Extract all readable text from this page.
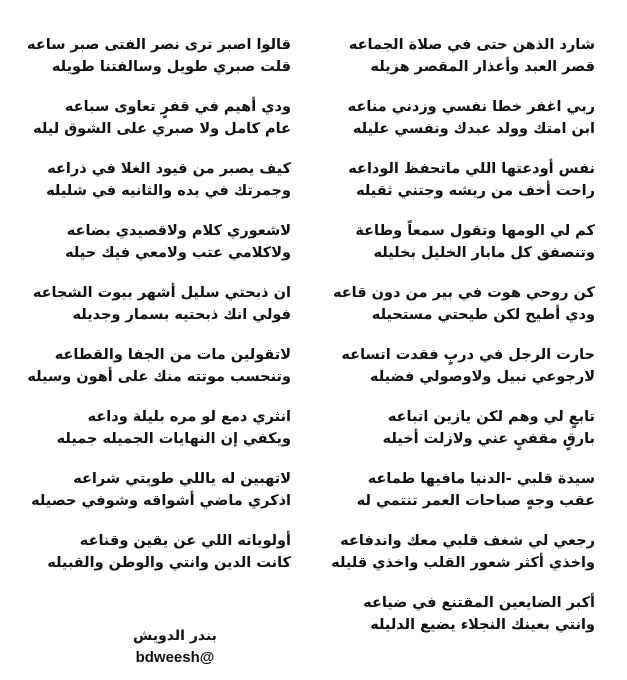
شارد الذهن حتى في صلاة الجماعه
قصر العبد وأعذار المقصر هزيله
ربي اغفر خطا نفسي وزدني مناعه
ابن امتك وولد عبدك ونفسي عليله
نفس أودعتها اللي ماتحفظ الوداعه
راحت أخف من ريشه وجتني ثقيله
كم لي الومها وتقول سمعاً وطاعة
وتنصفق كل مابار الخليل بخليله
كن روحي هوت في بير من دون قاعه
ودي أطيح لكن طيحتي مستحيله
حارت الرجل في دربٍ فقدت اتساعه
لارجوعي نبيل ولاوصولي فضيله
تابعٍ لي وهم لكن يازين اتباعه
بارقٍ مقفيٍ عني ولازلت أخيله
سيدة قلبي -الدنيا مافيها طماعه
عقب وجهٍ صباحات العمر تنتمي له
رجعي لي شغف قلبي معك واندفاعه
واخذي أكثر شعور القلب واخذي قليله
أكبر الضايعين المقتنع في ضياعه
وانتي بعينك النجلاء يضيع الدليله
قالوا اصبر ترى نصر الفتى صبر ساعه
قلت صبري طويل وسالفتنا طويله
ودي أهيم في قفرٍ تعاوى سباعه
عام كامل ولا صبري على الشوق ليله
كيف يصبر من قيود الغلا في ذراعه
وجمرتك في يده والثانيه في شليله
لاشعوري كلام ولاقصيدي بضاعه
ولاكلامي عتب ولامعي فيك حيله
ان ذبحتي سليل أشهر بيوت الشجاعه
فولي انك ذبحتيه بسمار وجديله
لاتقولين مات من الجفا والقطاعه
وتنحسب موتته منك على أهون وسيله
انثري دمع لو مره بليلة وداعه
ويكفي إن النهايات الجميله جميله
لاتهبين له ياللي طويتي شراعه
اذكري ماضي أشواقه وشوفي حصيله
أولوياته اللي عن يقين وقناعه
كانت الدين وانتي والوطن والقبيله
بندر الدويش
bdweesh@
